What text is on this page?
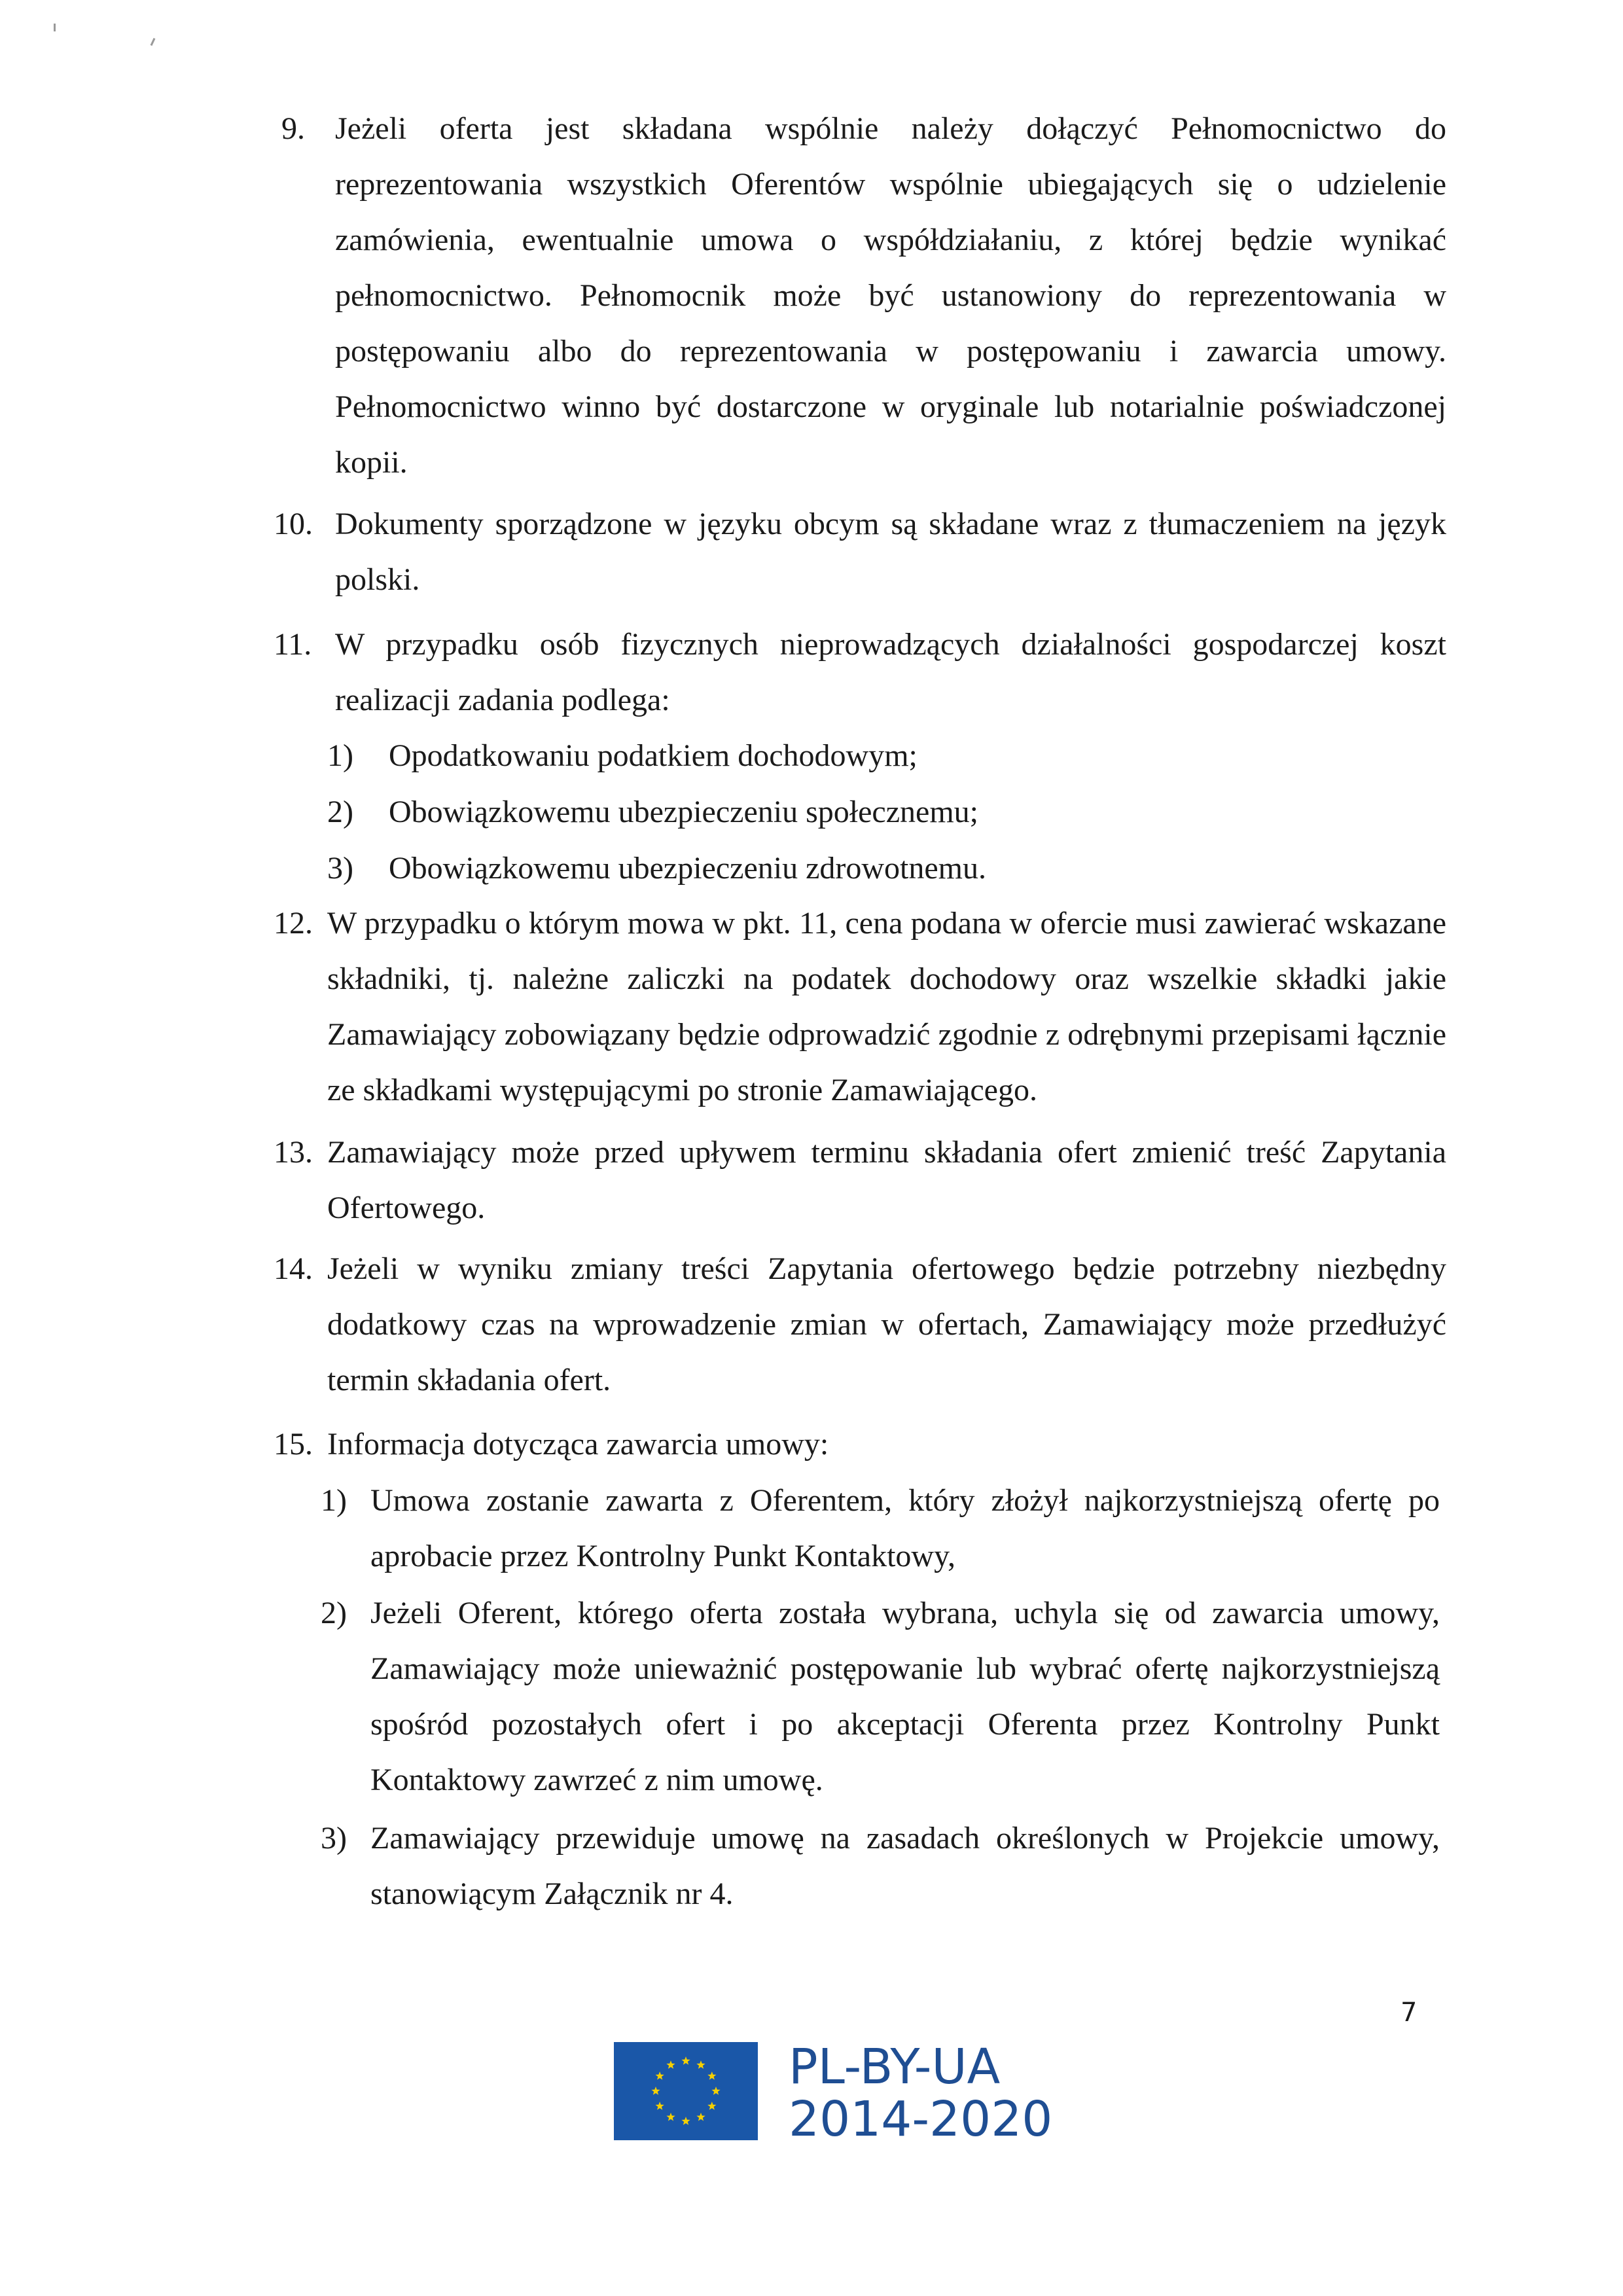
9. Jeżeli oferta jest składana wspólnie należy dołączyć Pełnomocnictwo do reprezentowania wszystkich Oferentów wspólnie ubiegających się o udzielenie zamówienia, ewentualnie umowa o współdziałaniu, z której będzie wynikać pełnomocnictwo. Pełnomocnik może być ustanowiony do reprezentowania w postępowaniu albo do reprezentowania w postępowaniu i zawarcia umowy. Pełnomocnictwo winno być dostarczone w oryginale lub notarialnie poświadczonej kopii.
10. Dokumenty sporządzone w języku obcym są składane wraz z tłumaczeniem na język polski.
11. W przypadku osób fizycznych nieprowadzących działalności gospodarczej koszt realizacji zadania podlega:
1) Opodatkowaniu podatkiem dochodowym;
2) Obowiązkowemu ubezpieczeniu społecznemu;
3) Obowiązkowemu ubezpieczeniu zdrowotnemu.
12. W przypadku o którym mowa w pkt. 11, cena podana w ofercie musi zawierać wskazane składniki, tj. należne zaliczki na podatek dochodowy oraz wszelkie składki jakie Zamawiający zobowiązany będzie odprowadzić zgodnie z odrębnymi przepisami łącznie ze składkami występującymi po stronie Zamawiającego.
13. Zamawiający może przed upływem terminu składania ofert zmienić treść Zapytania Ofertowego.
14. Jeżeli w wyniku zmiany treści Zapytania ofertowego będzie potrzebny niezbędny dodatkowy czas na wprowadzenie zmian w ofertach, Zamawiający może przedłużyć termin składania ofert.
15. Informacja dotycząca zawarcia umowy:
1) Umowa zostanie zawarta z Oferentem, który złożył najkorzystniejszą ofertę po aprobacie przez Kontrolny Punkt Kontaktowy,
2) Jeżeli Oferent, którego oferta została wybrana, uchyla się od zawarcia umowy, Zamawiający może unieważnić postępowanie lub wybrać ofertę najkorzystniejszą spośród pozostałych ofert i po akceptacji Oferenta przez Kontrolny Punkt Kontaktowy zawrzeć z nim umowę.
3) Zamawiający przewiduje umowę na zasadach określonych w Projekcie umowy, stanowiącym Załącznik nr 4.
7
PL-BY-UA
2014-2020
